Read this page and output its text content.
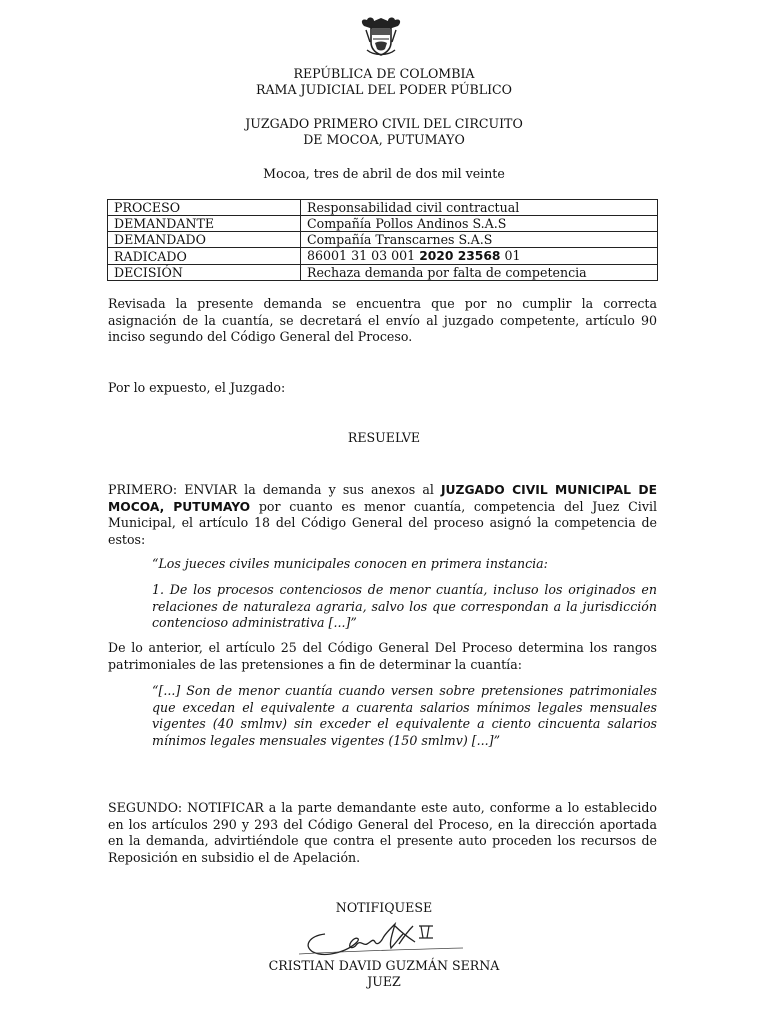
REPÚBLICA DE COLOMBIA
RAMA JUDICIAL DEL PODER PÚBLICO
JUZGADO PRIMERO CIVIL DEL CIRCUITO
DE MOCOA, PUTUMAYO
Mocoa, tres de abril de dos mil veinte
PROCESO	Responsabilidad civil contractual
DEMANDANTE	Compañía Pollos Andinos S.A.S
DEMANDADO	Compañía Transcarnes S.A.S
RADICADO	86001 31 03 001 2020 23568 01
DECISIÓN	Rechaza demanda por falta de competencia
Revisada la presente demanda se encuentra que por no cumplir la correcta asignación de la cuantía, se decretará el envío al juzgado competente, artículo 90 inciso segundo del Código General del Proceso.
Por lo expuesto, el Juzgado:
RESUELVE
PRIMERO: ENVIAR la demanda y sus anexos al JUZGADO CIVIL MUNICIPAL DE MOCOA, PUTUMAYO por cuanto es menor cuantía, competencia del Juez Civil Municipal, el artículo 18 del Código General del proceso asignó la competencia de estos:
“Los jueces civiles municipales conocen en primera instancia:
1. De los procesos contenciosos de menor cuantía, incluso los originados en relaciones de naturaleza agraria, salvo los que correspondan a la jurisdicción contencioso administrativa [...]”
De lo anterior, el artículo 25 del Código General Del Proceso determina los rangos patrimoniales de las pretensiones a fin de determinar la cuantía:
“[...] Son de menor cuantía cuando versen sobre pretensiones patrimoniales que excedan el equivalente a cuarenta salarios mínimos legales mensuales vigentes (40 smlmv) sin exceder el equivalente a ciento cincuenta salarios mínimos legales mensuales vigentes (150 smlmv) [...]”
SEGUNDO: NOTIFICAR a la parte demandante este auto, conforme a lo establecido en los artículos 290 y 293 del Código General del Proceso, en la dirección aportada en la demanda, advirtiéndole que contra el presente auto proceden los recursos de Reposición en subsidio el de Apelación.
NOTIFIQUESE
CRISTIAN DAVID GUZMÁN SERNA
JUEZ
